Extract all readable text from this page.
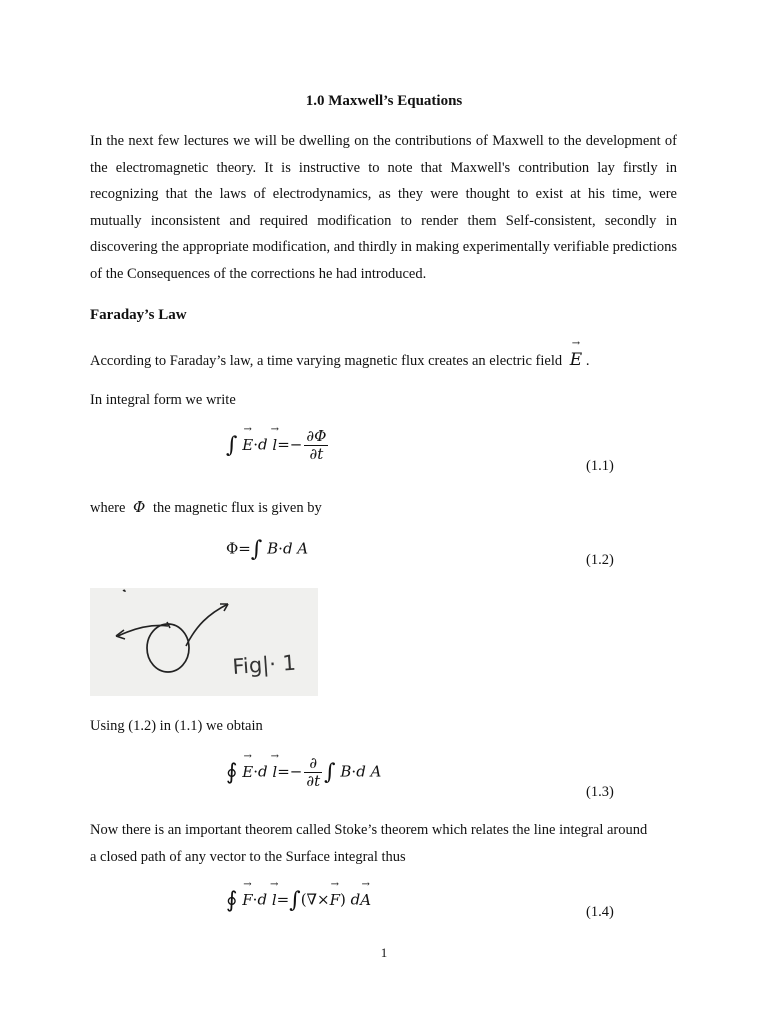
1.0 Maxwell’s Equations

In the next few lectures we will be dwelling on the contributions of Maxwell to the development of the electromagnetic theory. It is instructive to note that Maxwell's contribution lay firstly in recognizing that the laws of electrodynamics, as they were thought to exist at his time, were mutually inconsistent and required modification to render them Self-consistent, secondly in discovering the appropriate modification, and thirdly in making experimentally verifiable predictions of the Consequences of the corrections he had introduced.

Faraday’s Law
According to Faraday’s law, a time varying magnetic flux creates an electric field → E .
In integral form we write
∫ → $E\cdot d \to l=- \frac{\partial\Phi}{\partial t}$
(1.1)
where Φ the magnetic flux is given by
Φ=∫ B·d A
(1.2)
Fig|· 1
Using (1.2) in (1.1) we obtain
∮ → $E\cdot d \to l=- \frac{\partial}{\partial t}$ ∫ B·d A
(1.3)
Now there is an important theorem called Stoke’s theorem which relates the line integral around
a closed path of any vector to the Surface integral thus
∮ → F·d → l=∫(∇×→ F) d→ A
(1.4)
1
